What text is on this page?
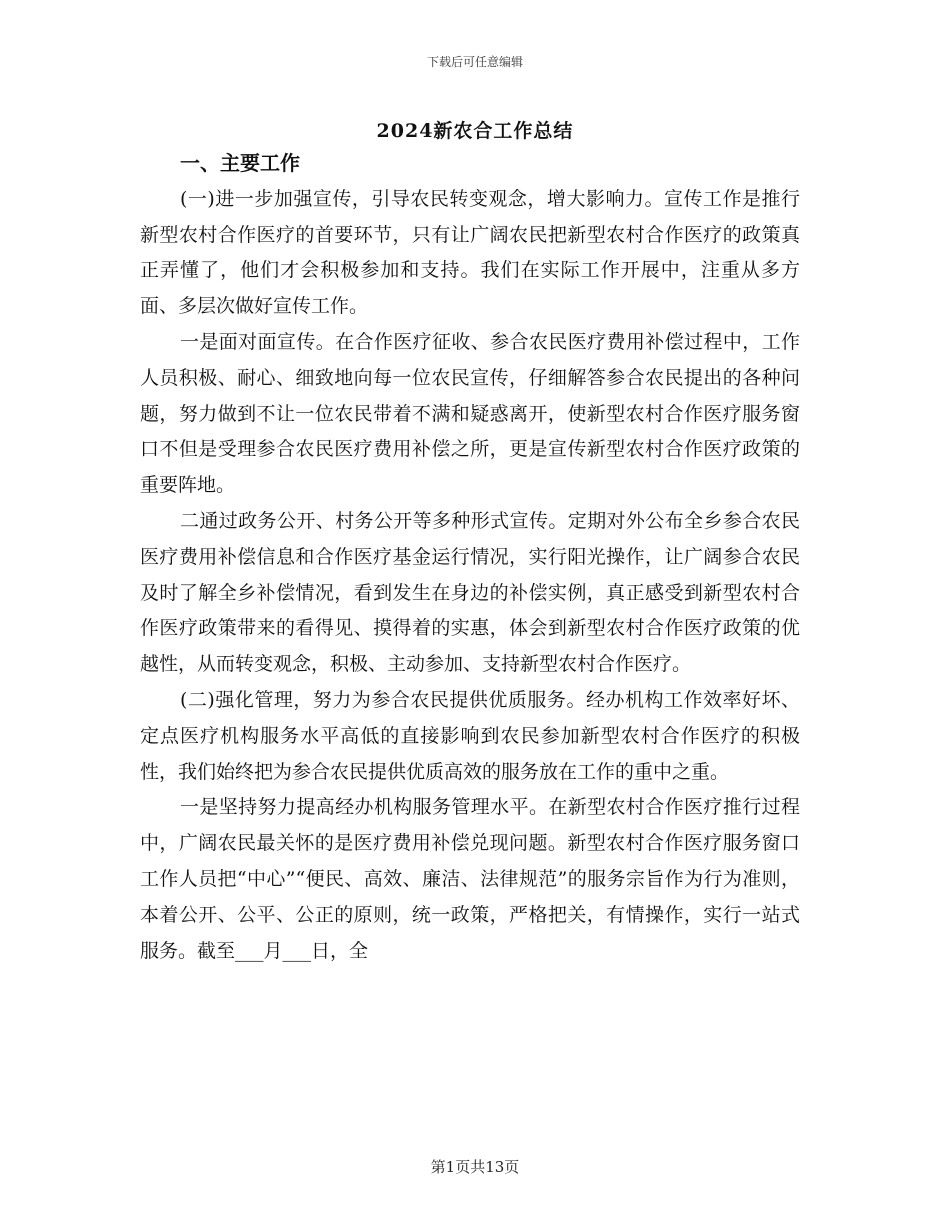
下载后可任意编辑
2024新农合工作总结

一、主要工作

(一)进一步加强宣传，引导农民转变观念，增大影响力。宣传工作是推行新型农村合作医疗的首要环节，只有让广阔农民把新型农村合作医疗的政策真正弄懂了，他们才会积极参加和支持。我们在实际工作开展中，注重从多方面、多层次做好宣传工作。

一是面对面宣传。在合作医疗征收、参合农民医疗费用补偿过程中，工作人员积极、耐心、细致地向每一位农民宣传，仔细解答参合农民提出的各种问题，努力做到不让一位农民带着不满和疑惑离开，使新型农村合作医疗服务窗口不但是受理参合农民医疗费用补偿之所，更是宣传新型农村合作医疗政策的重要阵地。

二通过政务公开、村务公开等多种形式宣传。定期对外公布全乡参合农民医疗费用补偿信息和合作医疗基金运行情况，实行阳光操作，让广阔参合农民及时了解全乡补偿情况，看到发生在身边的补偿实例，真正感受到新型农村合作医疗政策带来的看得见、摸得着的实惠，体会到新型农村合作医疗政策的优越性，从而转变观念，积极、主动参加、支持新型农村合作医疗。

(二)强化管理，努力为参合农民提供优质服务。经办机构工作效率好坏、定点医疗机构服务水平高低的直接影响到农民参加新型农村合作医疗的积极性，我们始终把为参合农民提供优质高效的服务放在工作的重中之重。

一是坚持努力提高经办机构服务管理水平。在新型农村合作医疗推行过程中，广阔农民最关怀的是医疗费用补偿兑现问题。新型农村合作医疗服务窗口工作人员把“中心”“便民、高效、廉洁、法律规范”的服务宗旨作为行为准则，本着公开、公平、公正的原则，统一政策，严格把关，有情操作，实行一站式服务。截至___月___日，全

第1页共13页
